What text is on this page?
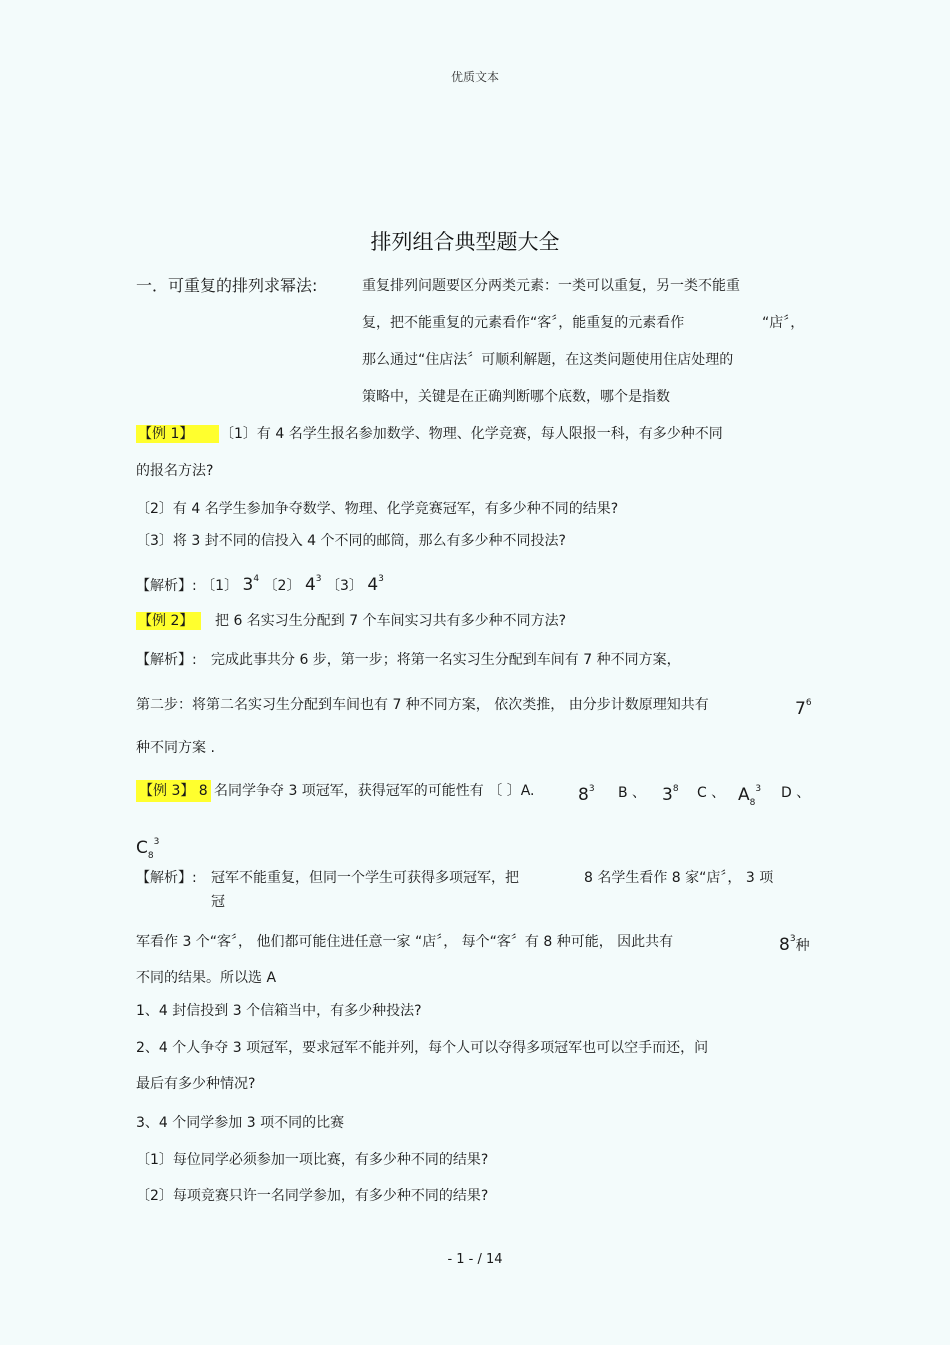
优质文本
排列组合典型题大全
一．可重复的排列求幂法:	重复排列问题要区分两类元素：一类可以重复，另一类不能重
复，把不能重复的元素看作“客〞，能重复的元素看作	“店〞，
那么通过“住店法〞可顺利解题，在这类问题使用住店处理的
策略中，关键是在正确判断哪个底数，哪个是指数
【例 1】	〔1〕有 4 名学生报名参加数学、物理、化学竞赛，每人限报一科，有多少种不同
的报名方法?
〔2〕有 4 名学生参加争夺数学、物理、化学竞赛冠军，有多少种不同的结果?
〔3〕将 3 封不同的信投入 4 个不同的邮筒，那么有多少种不同投法?
【解析】: 〔1〕 $3^4$ 〔2〕 $4^3$ 〔3〕 $4^3$
【例 2】	把 6 名实习生分配到 7 个车间实习共有多少种不同方法?
【解析】: 完成此事共分 6 步，第一步；将第一名实习生分配到车间有 7 种不同方案，
第二步：将第二名实习生分配到车间也有 7 种不同方案， 依次类推， 由分步计数原理知共有	$7^6$
种不同方案 .
【例 3】 8 名同学争夺 3 项冠军，获得冠军的可能性有 〔 〕A.	$8^3$ B 、 $3^8$ C 、 $A_8^3$ D 、
$C_8^3$
【解析】: 冠军不能重复，但同一个学生可获得多项冠军，把	8 名学生看作 8 家“店〞， 3 项
冠
军看作 3 个“客〞， 他们都可能住进任意一家 “店〞， 每个“客〞有 8 种可能， 因此共有	$8^3$种
不同的结果。所以选 A
1、4 封信投到 3 个信箱当中，有多少种投法?
2、4 个人争夺 3 项冠军，要求冠军不能并列，每个人可以夺得多项冠军也可以空手而还，问
最后有多少种情况?
3、4 个同学参加 3 项不同的比赛
〔1〕每位同学必须参加一项比赛，有多少种不同的结果?
〔2〕每项竞赛只许一名同学参加，有多少种不同的结果?
- 1 - / 14
